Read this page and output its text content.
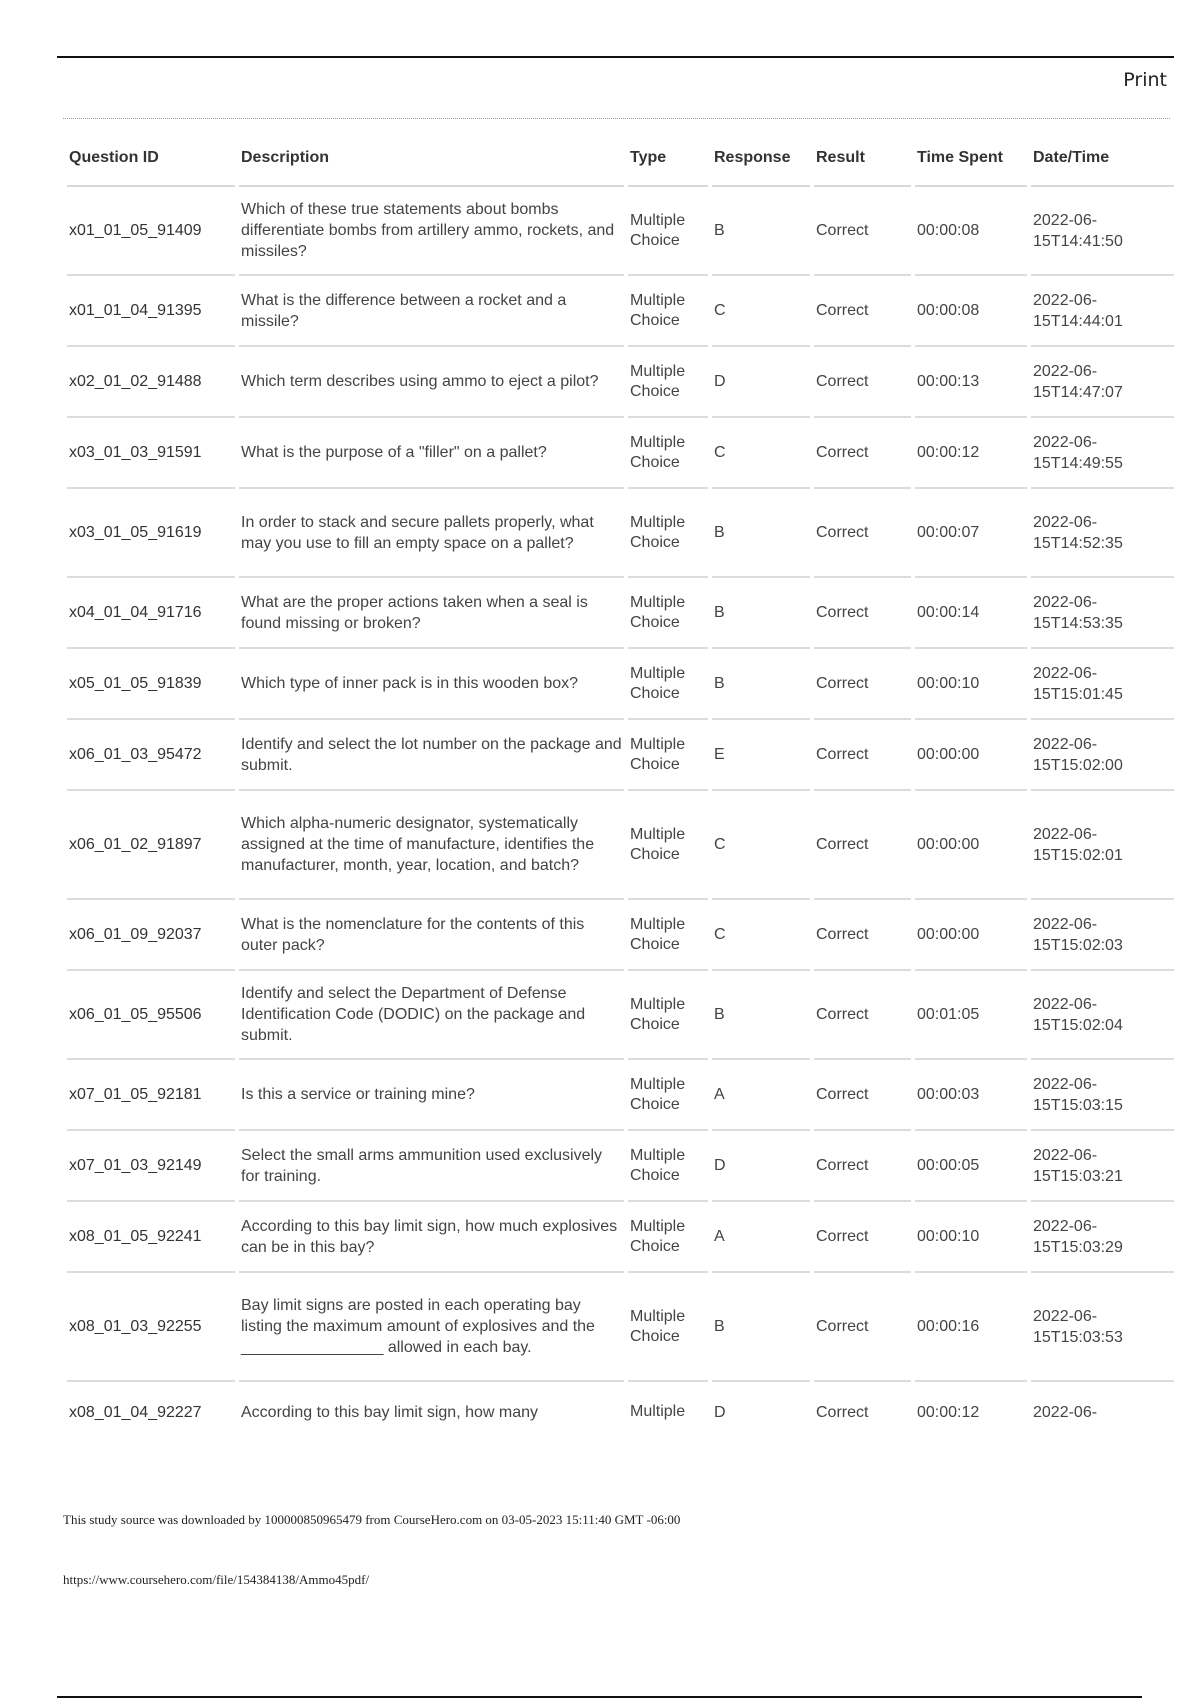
Print
Question ID	Description	Type	Response	Result	Time Spent	Date/Time
x01_01_05_91409	Which of these true statements about bombs differentiate bombs from artillery ammo, rockets, and missiles?	Multiple Choice	B	Correct	00:00:08	2022-06-15T14:41:50
x01_01_04_91395	What is the difference between a rocket and a missile?	Multiple Choice	C	Correct	00:00:08	2022-06-15T14:44:01
x02_01_02_91488	Which term describes using ammo to eject a pilot?	Multiple Choice	D	Correct	00:00:13	2022-06-15T14:47:07
x03_01_03_91591	What is the purpose of a "filler" on a pallet?	Multiple Choice	C	Correct	00:00:12	2022-06-15T14:49:55
x03_01_05_91619	In order to stack and secure pallets properly, what may you use to fill an empty space on a pallet?	Multiple Choice	B	Correct	00:00:07	2022-06-15T14:52:35
x04_01_04_91716	What are the proper actions taken when a seal is found missing or broken?	Multiple Choice	B	Correct	00:00:14	2022-06-15T14:53:35
x05_01_05_91839	Which type of inner pack is in this wooden box?	Multiple Choice	B	Correct	00:00:10	2022-06-15T15:01:45
x06_01_03_95472	Identify and select the lot number on the package and submit.	Multiple Choice	E	Correct	00:00:00	2022-06-15T15:02:00
x06_01_02_91897	Which alpha-numeric designator, systematically assigned at the time of manufacture, identifies the manufacturer, month, year, location, and batch?	Multiple Choice	C	Correct	00:00:00	2022-06-15T15:02:01
x06_01_09_92037	What is the nomenclature for the contents of this outer pack?	Multiple Choice	C	Correct	00:00:00	2022-06-15T15:02:03
x06_01_05_95506	Identify and select the Department of Defense Identification Code (DODIC) on the package and submit.	Multiple Choice	B	Correct	00:01:05	2022-06-15T15:02:04
x07_01_05_92181	Is this a service or training mine?	Multiple Choice	A	Correct	00:00:03	2022-06-15T15:03:15
x07_01_03_92149	Select the small arms ammunition used exclusively for training.	Multiple Choice	D	Correct	00:00:05	2022-06-15T15:03:21
x08_01_05_92241	According to this bay limit sign, how much explosives can be in this bay?	Multiple Choice	A	Correct	00:00:10	2022-06-15T15:03:29
x08_01_03_92255	Bay limit signs are posted in each operating bay listing the maximum amount of explosives and the ________________ allowed in each bay.	Multiple Choice	B	Correct	00:00:16	2022-06-15T15:03:53
x08_01_04_92227	According to this bay limit sign, how many	Multiple	D	Correct	00:00:12	2022-06-
This study source was downloaded by 100000850965479 from CourseHero.com on 03-05-2023 15:11:40 GMT -06:00
https://www.coursehero.com/file/154384138/Ammo45pdf/
